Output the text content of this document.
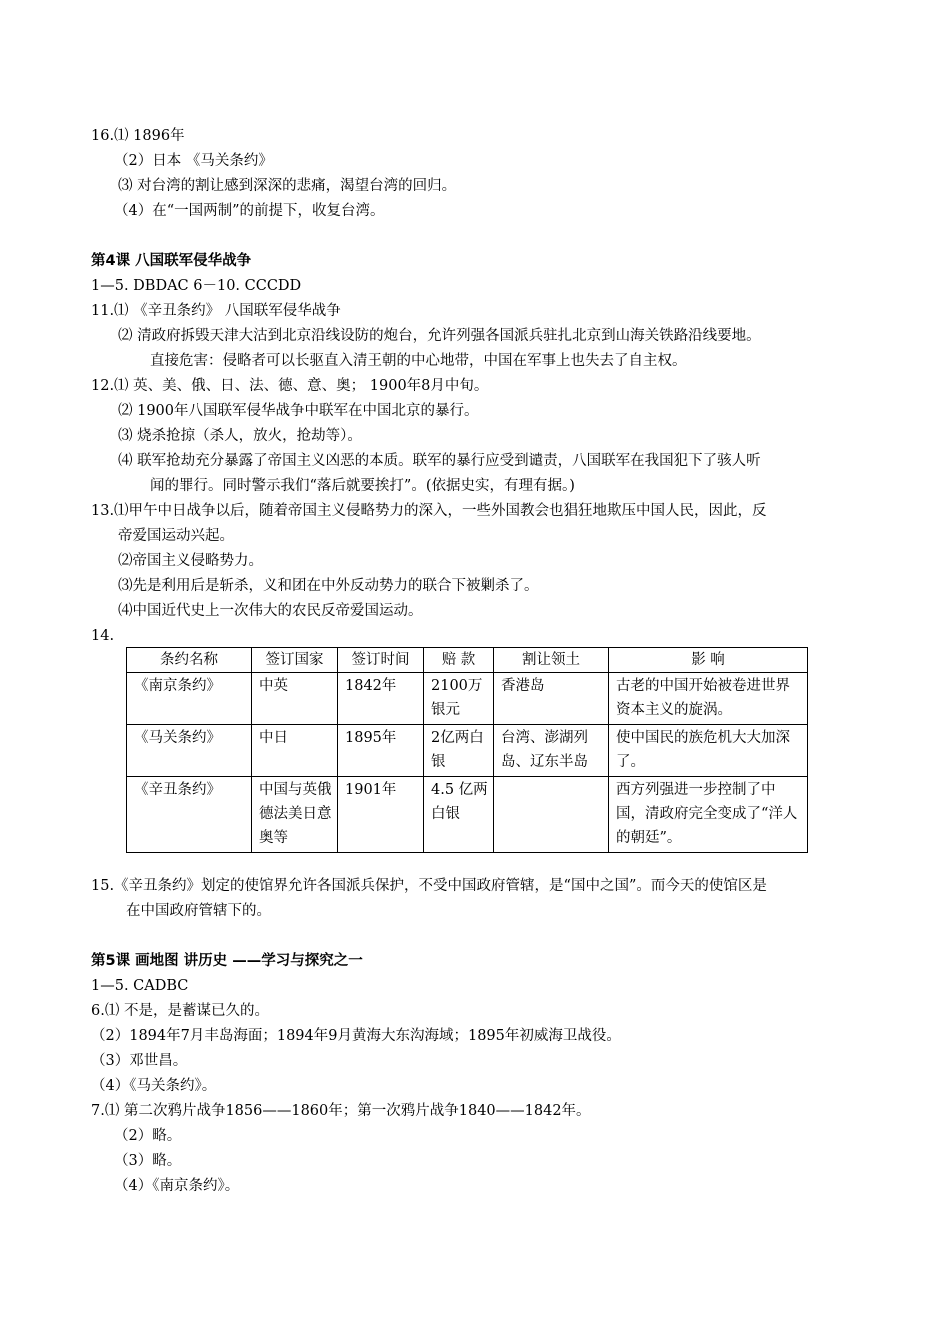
16.⑴ 1896年
（2）日本 《马关条约》
⑶ 对台湾的割让感到深深的悲痛，渴望台湾的回归。
（4）在“一国两制”的前提下，收复台湾。
第4课 八国联军侵华战争
1—5. DBDAC 6－10. CCCDD
11.⑴ 《辛丑条约》 八国联军侵华战争
⑵ 清政府拆毁天津大沽到北京沿线设防的炮台，允许列强各国派兵驻扎北京到山海关铁路沿线要地。
直接危害：侵略者可以长驱直入清王朝的中心地带，中国在军事上也失去了自主权。
12.⑴ 英、美、俄、日、法、德、意、奥； 1900年8月中旬。
⑵ 1900年八国联军侵华战争中联军在中国北京的暴行。
⑶ 烧杀抢掠（杀人，放火，抢劫等）。
⑷ 联军抢劫充分暴露了帝国主义凶恶的本质。联军的暴行应受到谴责，八国联军在我国犯下了骇人听
闻的罪行。同时警示我们“落后就要挨打”。(依据史实，有理有据。)
13.⑴甲午中日战争以后，随着帝国主义侵略势力的深入，一些外国教会也猖狂地欺压中国人民，因此，反
帝爱国运动兴起。
⑵帝国主义侵略势力。
⑶先是利用后是斩杀，义和团在中外反动势力的联合下被剿杀了。
⑷中国近代史上一次伟大的农民反帝爱国运动。
14.
条约名称	签订国家	签订时间	赔 款	割让领土	影 响
《南京条约》	中英	1842年	2100万银元	香港岛	古老的中国开始被卷进世界资本主义的旋涡。
《马关条约》	中日	1895年	2亿两白银	台湾、澎湖列岛、辽东半岛	使中国民的族危机大大加深了。
《辛丑条约》	中国与英俄德法美日意奥等	1901年	4.5 亿两白银		西方列强进一步控制了中国，清政府完全变成了“洋人的朝廷”。
15.《辛丑条约》划定的使馆界允许各国派兵保护，不受中国政府管辖，是“国中之国”。而今天的使馆区是
在中国政府管辖下的。
第5课 画地图 讲历史 ——学习与探究之一
1—5. CADBC
6.⑴ 不是，是蓄谋已久的。
（2）1894年7月丰岛海面；1894年9月黄海大东沟海域；1895年初威海卫战役。
（3）邓世昌。
（4）《马关条约》。
7.⑴ 第二次鸦片战争1856——1860年；第一次鸦片战争1840——1842年。
（2）略。
（3）略。
（4）《南京条约》。
